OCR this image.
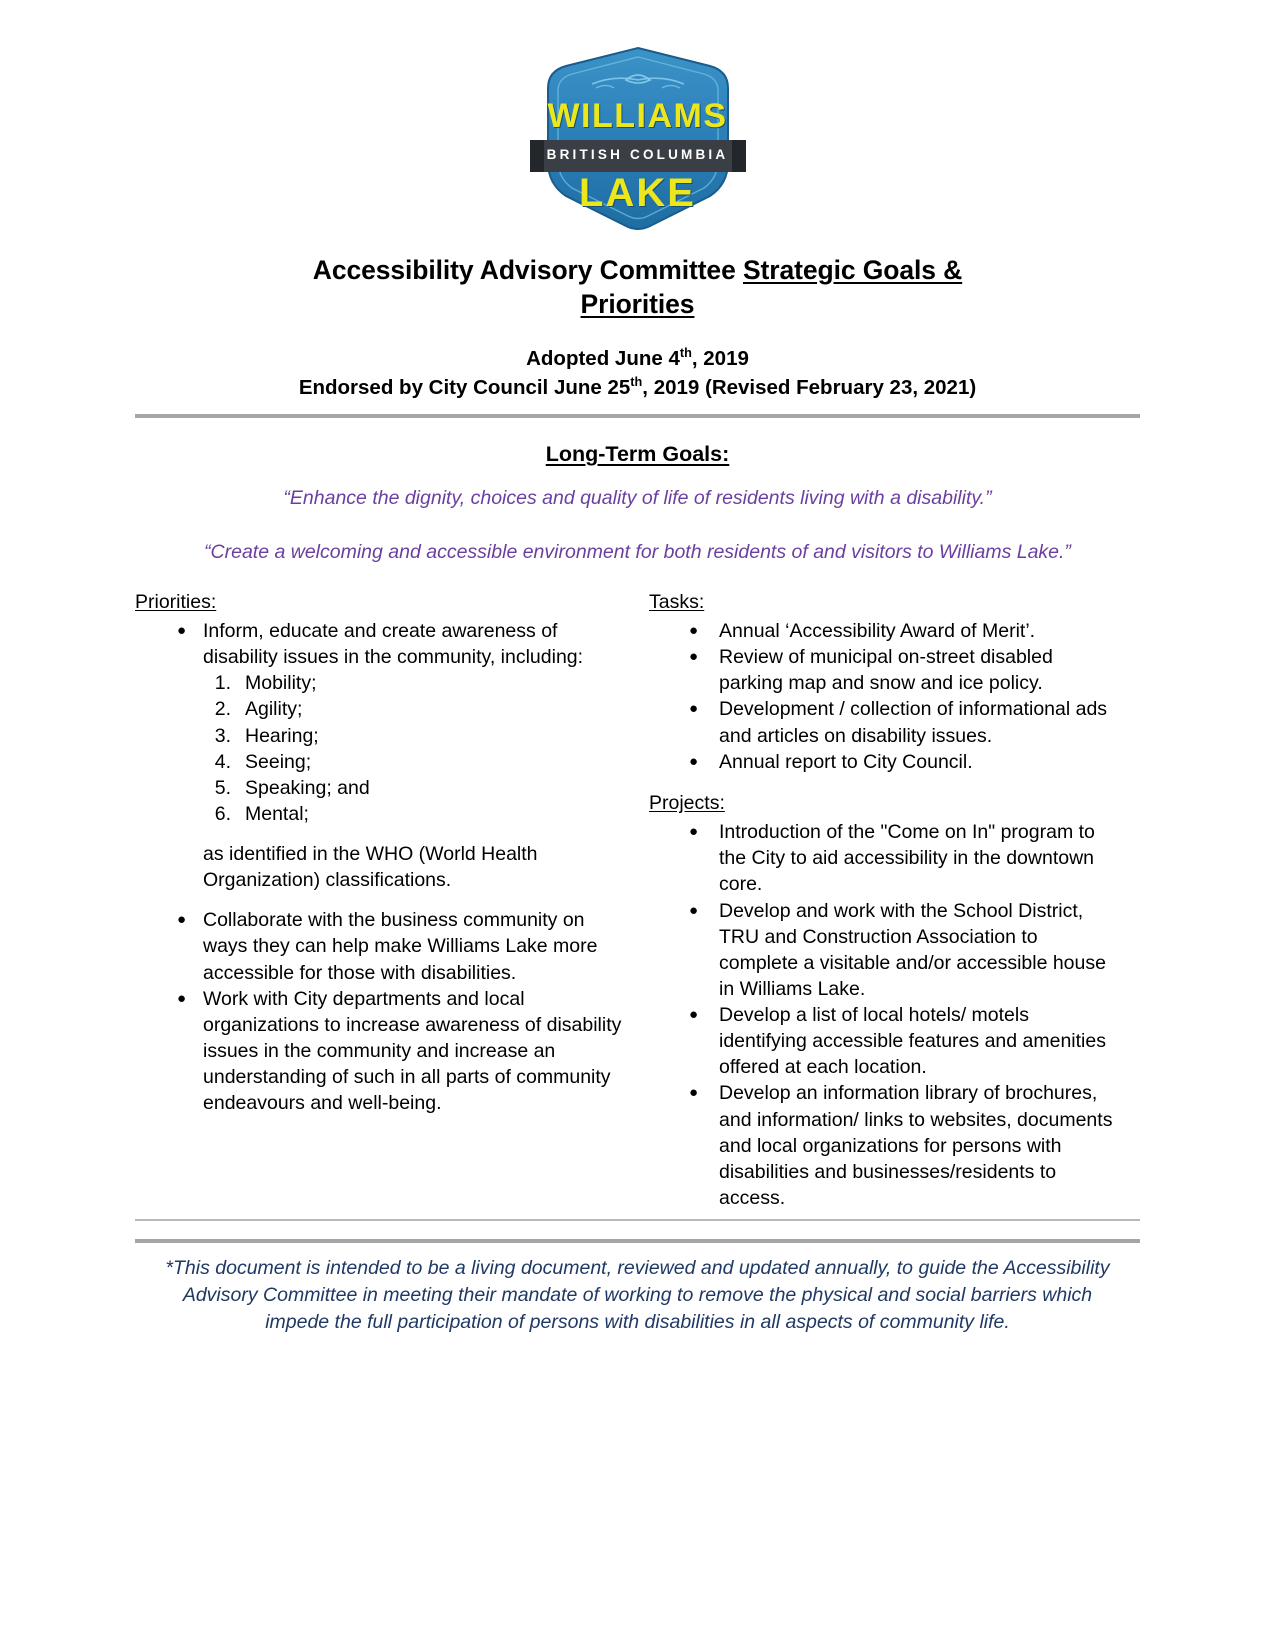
WILLIAMS
BRITISH COLUMBIA
LAKE
Accessibility Advisory Committee Strategic Goals &
Priorities
Adopted June 4th, 2019
Endorsed by City Council June 25th, 2019 (Revised February 23, 2021)
Long-Term Goals:
“Enhance the dignity, choices and quality of life of residents living with a disability.”
“Create a welcoming and accessible environment for both residents of and visitors to Williams Lake.”
Priorities:
● Inform, educate and create awareness of disability issues in the community, including:
1. Mobility;
2. Agility;
3. Hearing;
4. Seeing;
5. Speaking; and
6. Mental;
as identified in the WHO (World Health Organization) classifications.
● Collaborate with the business community on ways they can help make Williams Lake more accessible for those with disabilities.
● Work with City departments and local organizations to increase awareness of disability issues in the community and increase an understanding of such in all parts of community endeavours and well-being.
Tasks:
● Annual ‘Accessibility Award of Merit’.
● Review of municipal on-street disabled parking map and snow and ice policy.
● Development / collection of informational ads and articles on disability issues.
● Annual report to City Council.
Projects:
● Introduction of the "Come on In" program to the City to aid accessibility in the downtown core.
● Develop and work with the School District, TRU and Construction Association to complete a visitable and/or accessible house in Williams Lake.
● Develop a list of local hotels/ motels identifying accessible features and amenities offered at each location.
● Develop an information library of brochures, and information/ links to websites, documents and local organizations for persons with disabilities and businesses/residents to access.
*This document is intended to be a living document, reviewed and updated annually, to guide the Accessibility Advisory Committee in meeting their mandate of working to remove the physical and social barriers which impede the full participation of persons with disabilities in all aspects of community life.
